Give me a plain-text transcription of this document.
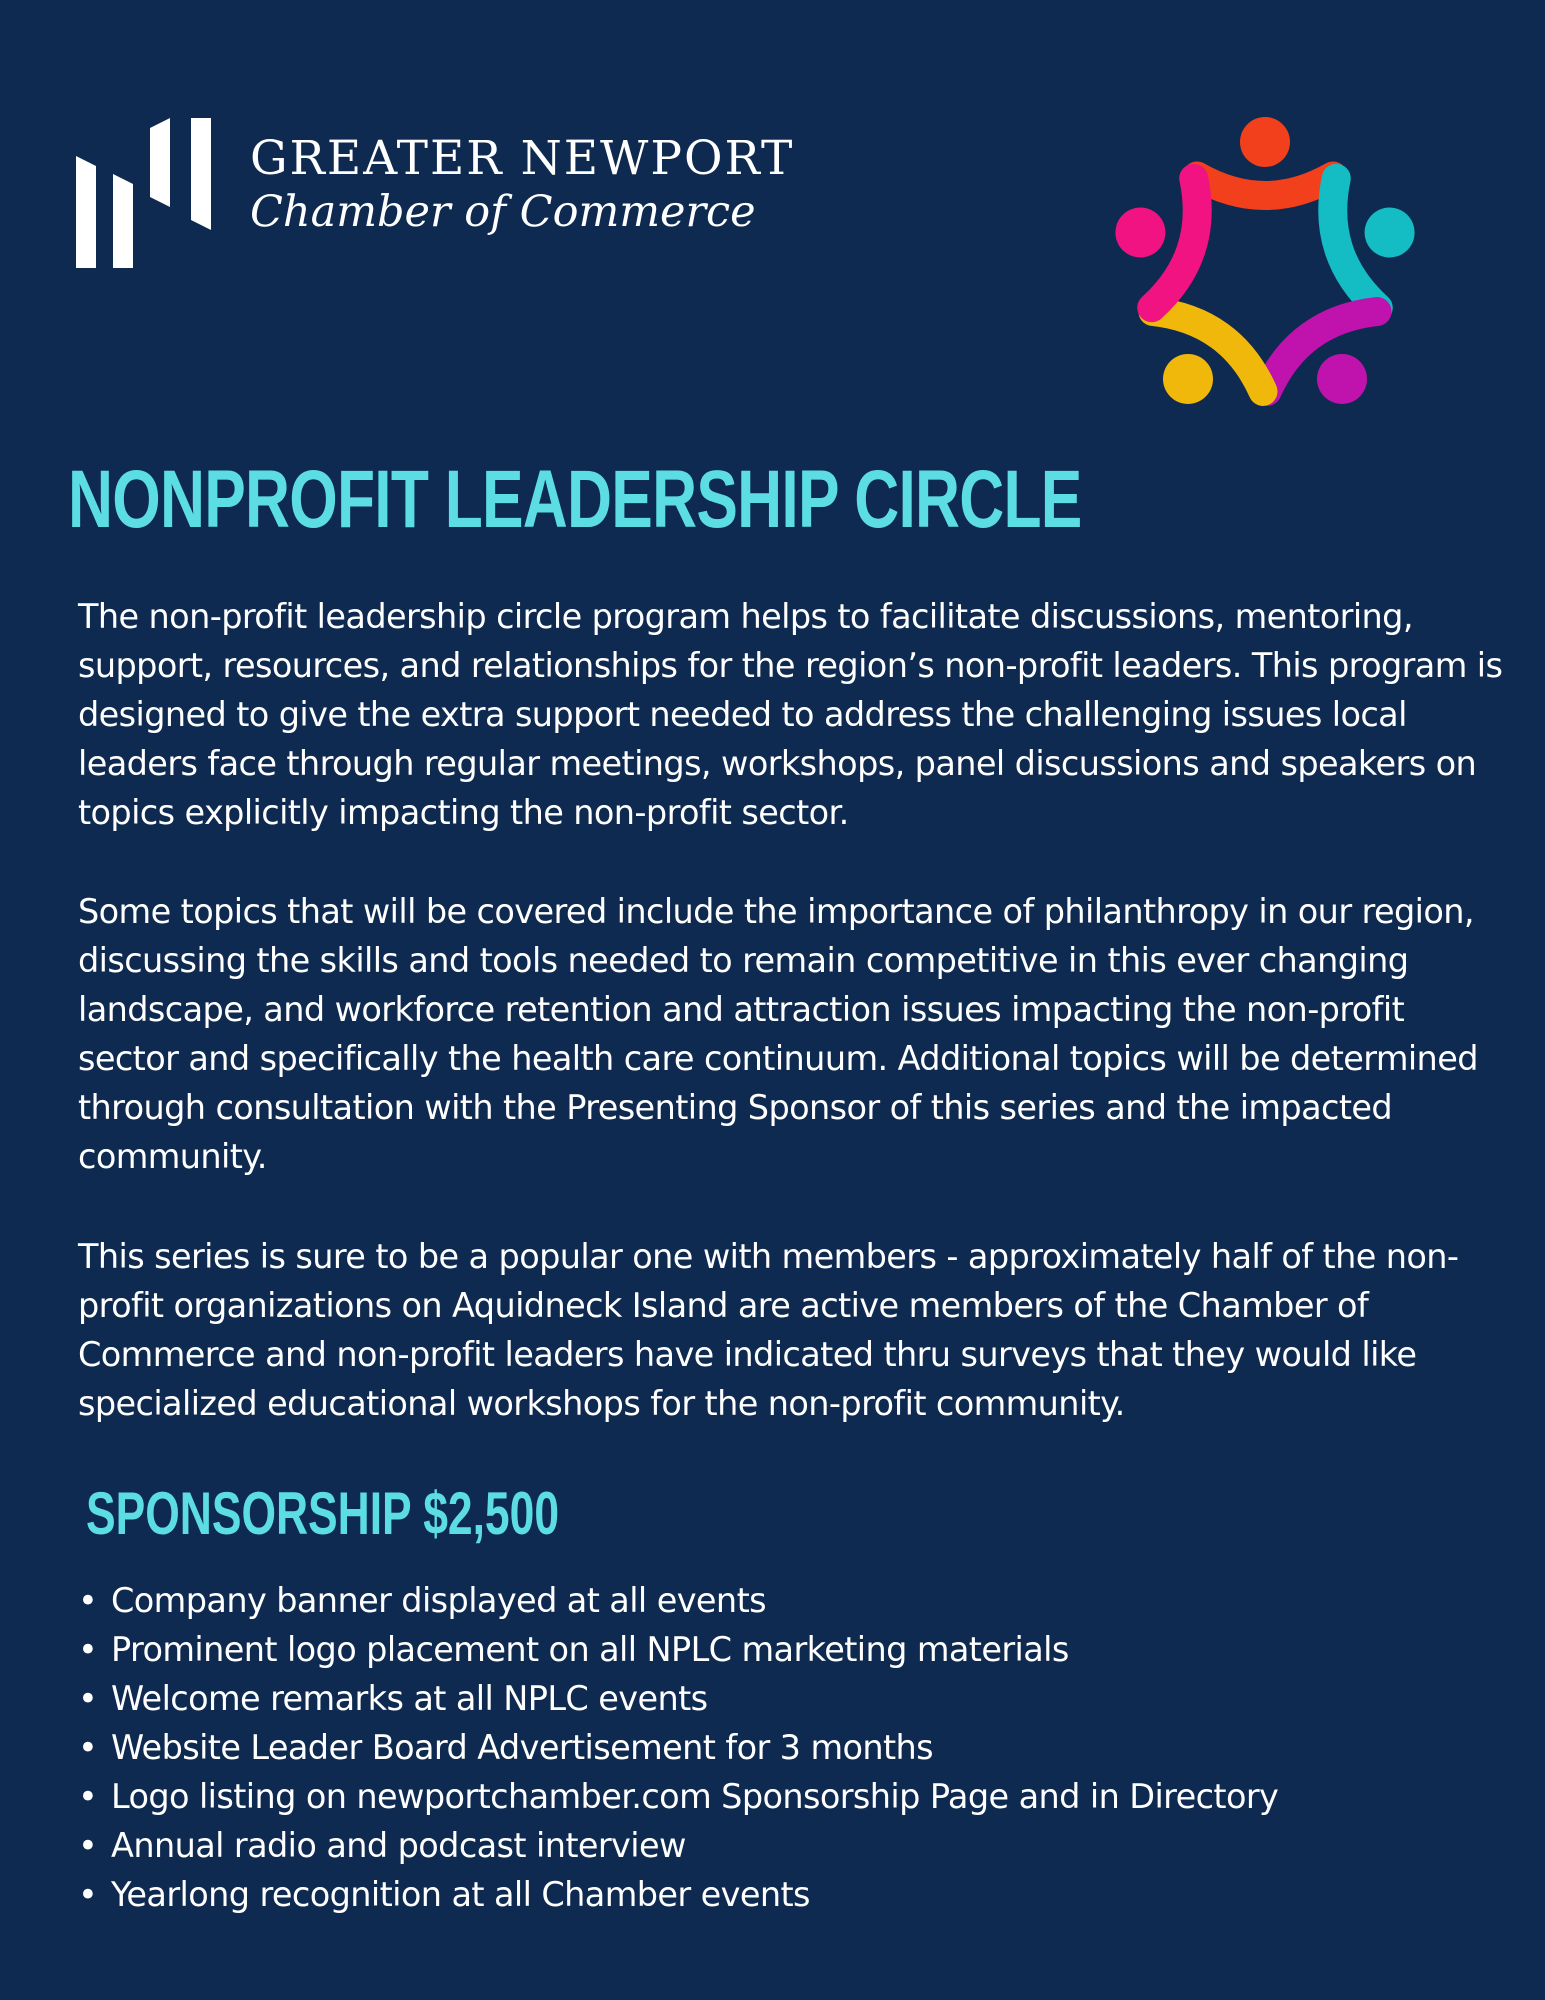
GREATER NEWPORT
Chamber of Commerce
NONPROFIT LEADERSHIP CIRCLE

The non-profit leadership circle program helps to facilitate discussions, mentoring, support, resources, and relationships for the region’s non-profit leaders. This program is designed to give the extra support needed to address the challenging issues local leaders face through regular meetings, workshops, panel discussions and speakers on topics explicitly impacting the non-profit sector.

Some topics that will be covered include the importance of philanthropy in our region, discussing the skills and tools needed to remain competitive in this ever changing landscape, and workforce retention and attraction issues impacting the non-profit sector and specifically the health care continuum. Additional topics will be determined through consultation with the Presenting Sponsor of this series and the impacted community.

This series is sure to be a popular one with members - approximately half of the non-profit organizations on Aquidneck Island are active members of the Chamber of Commerce and non-profit leaders have indicated thru surveys that they would like specialized educational workshops for the non-profit community.

SPONSORSHIP $2,500
• Company banner displayed at all events
• Prominent logo placement on all NPLC marketing materials
• Welcome remarks at all NPLC events
• Website Leader Board Advertisement for 3 months
• Logo listing on newportchamber.com Sponsorship Page and in Directory
• Annual radio and podcast interview
• Yearlong recognition at all Chamber events
